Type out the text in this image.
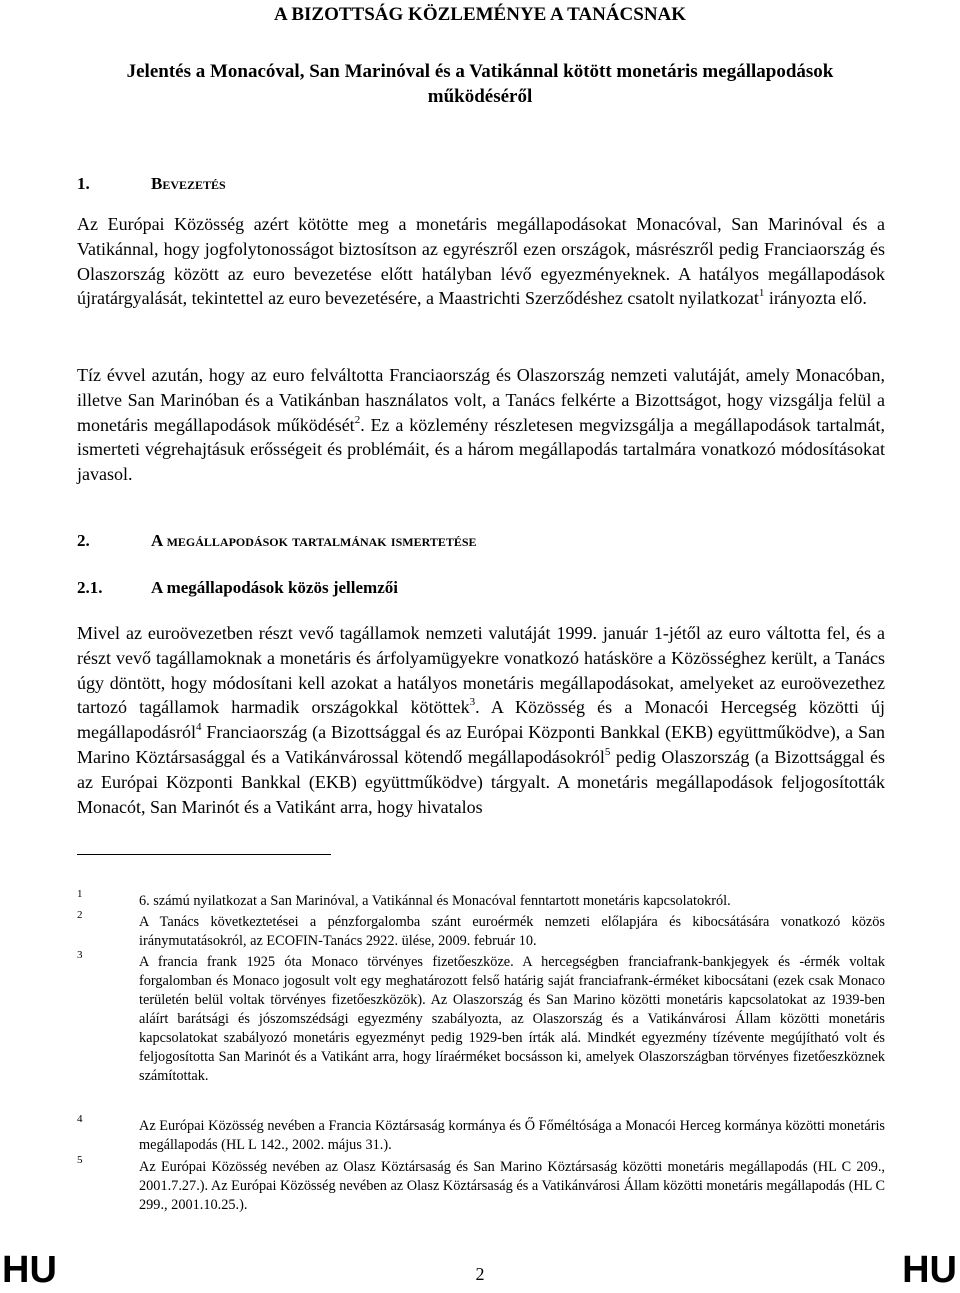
A BIZOTTSÁG KÖZLEMÉNYE A TANÁCSNAK
Jelentés a Monacóval, San Marinóval és a Vatikánnal kötött monetáris megállapodások működéséről
1.	Bevezetés
Az Európai Közösség azért kötötte meg a monetáris megállapodásokat Monacóval, San Marinóval és a Vatikánnal, hogy jogfolytonosságot biztosítson az egyrészről ezen országok, másrészről pedig Franciaország és Olaszország között az euro bevezetése előtt hatályban lévő egyezményeknek. A hatályos megállapodások újratárgyalását, tekintettel az euro bevezetésére, a Maastrichti Szerződéshez csatolt nyilatkozat$^1$ irányozta elő.
Tíz évvel azután, hogy az euro felváltotta Franciaország és Olaszország nemzeti valutáját, amely Monacóban, illetve San Marinóban és a Vatikánban használatos volt, a Tanács felkérte a Bizottságot, hogy vizsgálja felül a monetáris megállapodások működését$^2$. Ez a közlemény részletesen megvizsgálja a megállapodások tartalmát, ismerteti végrehajtásuk erősségeit és problémáit, és a három megállapodás tartalmára vonatkozó módosításokat javasol.
2.	A megállapodások tartalmának ismertetése
2.1.	A megállapodások közös jellemzői
Mivel az euroövezetben részt vevő tagállamok nemzeti valutáját 1999. január 1-jétől az euro váltotta fel, és a részt vevő tagállamoknak a monetáris és árfolyamügyekre vonatkozó hatásköre a Közösséghez került, a Tanács úgy döntött, hogy módosítani kell azokat a hatályos monetáris megállapodásokat, amelyeket az euroövezethez tartozó tagállamok harmadik országokkal kötöttek$^3$. A Közösség és a Monacói Hercegség közötti új megállapodásról$^4$ Franciaország (a Bizottsággal és az Európai Központi Bankkal (EKB) együttműködve), a San Marino Köztársasággal és a Vatikánvárossal kötendő megállapodásokról$^5$ pedig Olaszország (a Bizottsággal és az Európai Központi Bankkal (EKB) együttműködve) tárgyalt. A monetáris megállapodások feljogosították Monacót, San Marinót és a Vatikánt arra, hogy hivatalos
1	6. számú nyilatkozat a San Marinóval, a Vatikánnal és Monacóval fenntartott monetáris kapcsolatokról.
2	A Tanács következtetései a pénzforgalomba szánt euroérmék nemzeti előlapjára és kibocsátására vonatkozó közös iránymutatásokról, az ECOFIN-Tanács 2922. ülése, 2009. február 10.
3	A francia frank 1925 óta Monaco törvényes fizetőeszköze. A hercegségben franciafrank-bankjegyek és -érmék voltak forgalomban és Monaco jogosult volt egy meghatározott felső határig saját franciafrank-érméket kibocsátani (ezek csak Monaco területén belül voltak törvényes fizetőeszközök). Az Olaszország és San Marino közötti monetáris kapcsolatokat az 1939-ben aláírt barátsági és jószomszédsági egyezmény szabályozta, az Olaszország és a Vatikánvárosi Állam közötti monetáris kapcsolatokat szabályozó monetáris egyezményt pedig 1929-ben írták alá. Mindkét egyezmény tízévente megújítható volt és feljogosította San Marinót és a Vatikánt arra, hogy líraérméket bocsásson ki, amelyek Olaszországban törvényes fizetőeszköznek számítottak.
4	Az Európai Közösség nevében a Francia Köztársaság kormánya és Ő Főméltósága a Monacói Herceg kormánya közötti monetáris megállapodás (HL L 142., 2002. május 31.).
5	Az Európai Közösség nevében az Olasz Köztársaság és San Marino Köztársaság közötti monetáris megállapodás (HL C 209., 2001.7.27.). Az Európai Közösség nevében az Olasz Köztársaság és a Vatikánvárosi Állam közötti monetáris megállapodás (HL C 299., 2001.10.25.).
HU	2	HU
